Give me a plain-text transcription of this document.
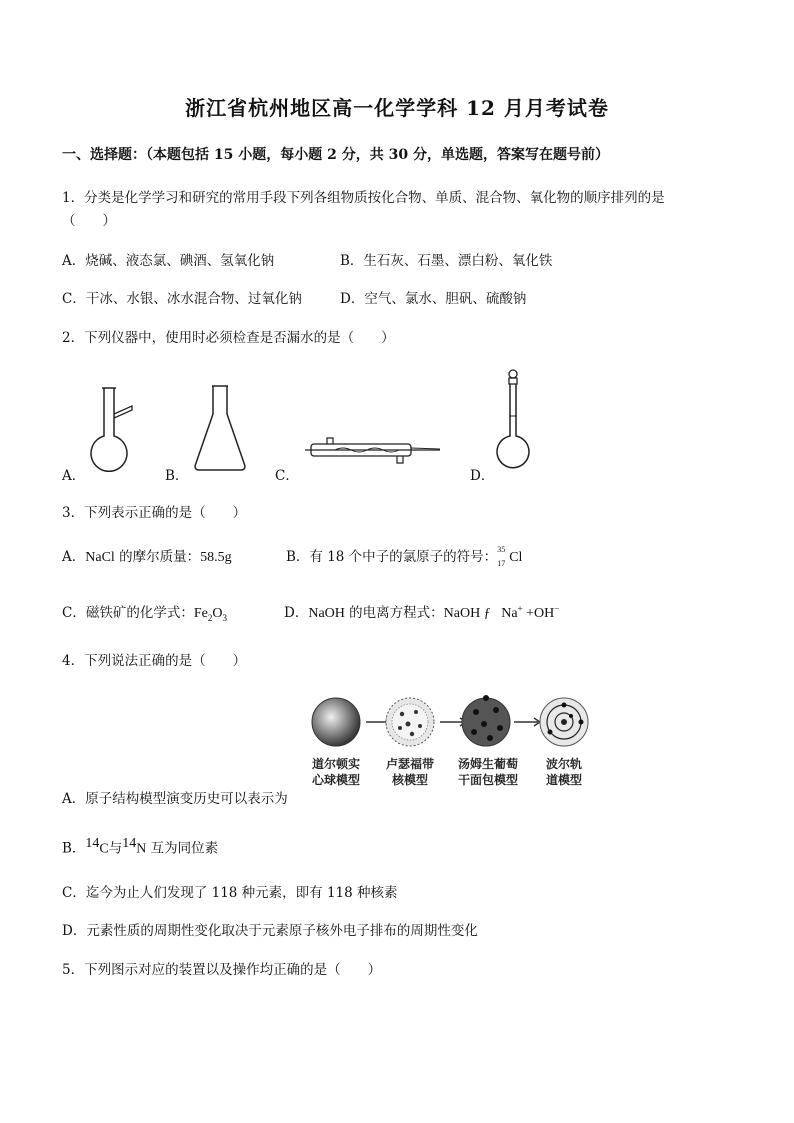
浙江省杭州地区高一化学学科 12 月月考试卷
一、选择题：（本题包括 15 小题，每小题 2 分，共 30 分，单选题，答案写在题号前）
1．分类是化学学习和研究的常用手段下列各组物质按化合物、单质、混合物、氧化物的顺序排列的是
（　　）
A．烧碱、液态氯、碘酒、氢氧化钠	B．生石灰、石墨、漂白粉、氧化铁
C．干冰、水银、冰水混合物、过氧化钠	D．空气、氯水、胆矾、硫酸钠
2．下列仪器中，使用时必须检查是否漏水的是（　　）
A．	B．	C．	D．
3．下列表示正确的是（　　）
A．NaCl 的摩尔质量：58.5g	B．有 18 个中子的氯原子的符号： 35
17 Cl
C．磁铁矿的化学式：$Fe_2O_3$	D．NaOH 的电离方程式：NaOH ƒ Na+ +OH−
4．下列说法正确的是（　　）
道尔顿实
心球模型
卢瑟福带
核模型
汤姆生葡萄
干面包模型
波尔轨
道模型
A．原子结构模型演变历史可以表示为
B．$^{14}$C与$^{14}$N 互为同位素
C．迄今为止人们发现了 118 种元素，即有 118 种核素
D．元素性质的周期性变化取决于元素原子核外电子排布的周期性变化
5．下列图示对应的装置以及操作均正确的是（　　）
